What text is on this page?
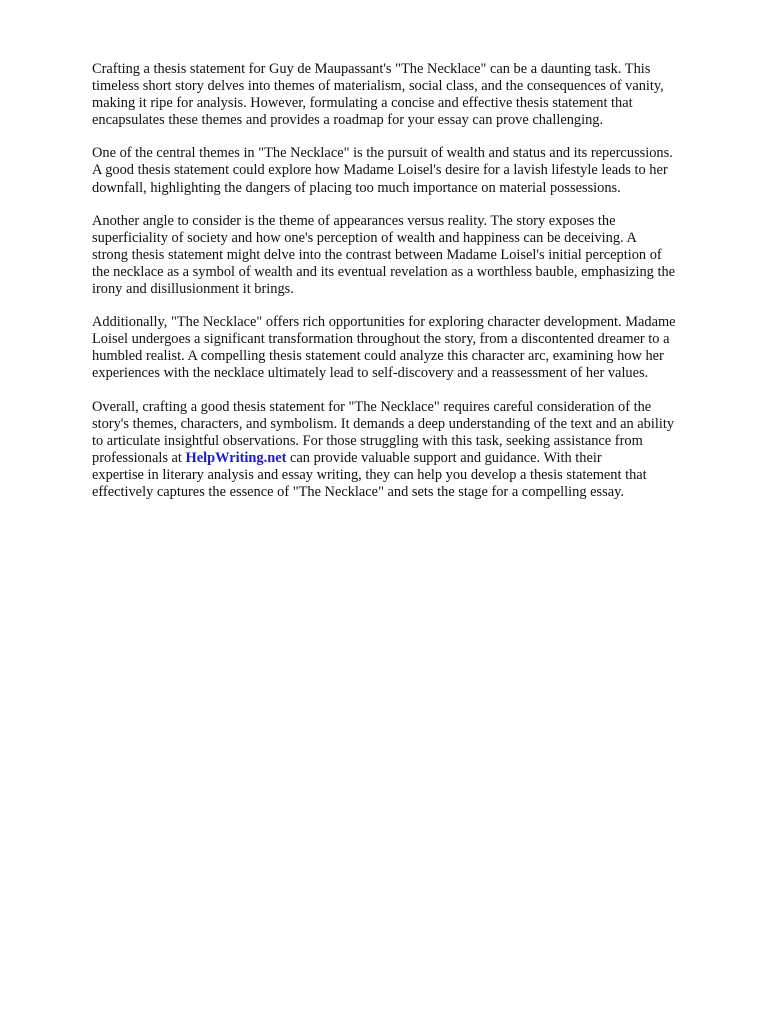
Crafting a thesis statement for Guy de Maupassant's "The Necklace" can be a daunting task. This
timeless short story delves into themes of materialism, social class, and the consequences of vanity,
making it ripe for analysis. However, formulating a concise and effective thesis statement that
encapsulates these themes and provides a roadmap for your essay can prove challenging.

One of the central themes in "The Necklace" is the pursuit of wealth and status and its repercussions.
A good thesis statement could explore how Madame Loisel's desire for a lavish lifestyle leads to her
downfall, highlighting the dangers of placing too much importance on material possessions.

Another angle to consider is the theme of appearances versus reality. The story exposes the
superficiality of society and how one's perception of wealth and happiness can be deceiving. A
strong thesis statement might delve into the contrast between Madame Loisel's initial perception of
the necklace as a symbol of wealth and its eventual revelation as a worthless bauble, emphasizing the
irony and disillusionment it brings.

Additionally, "The Necklace" offers rich opportunities for exploring character development. Madame
Loisel undergoes a significant transformation throughout the story, from a discontented dreamer to a
humbled realist. A compelling thesis statement could analyze this character arc, examining how her
experiences with the necklace ultimately lead to self-discovery and a reassessment of her values.

Overall, crafting a good thesis statement for "The Necklace" requires careful consideration of the
story's themes, characters, and symbolism. It demands a deep understanding of the text and an ability
to articulate insightful observations. For those struggling with this task, seeking assistance from
professionals at HelpWriting.net can provide valuable support and guidance. With their
expertise in literary analysis and essay writing, they can help you develop a thesis statement that
effectively captures the essence of "The Necklace" and sets the stage for a compelling essay.
